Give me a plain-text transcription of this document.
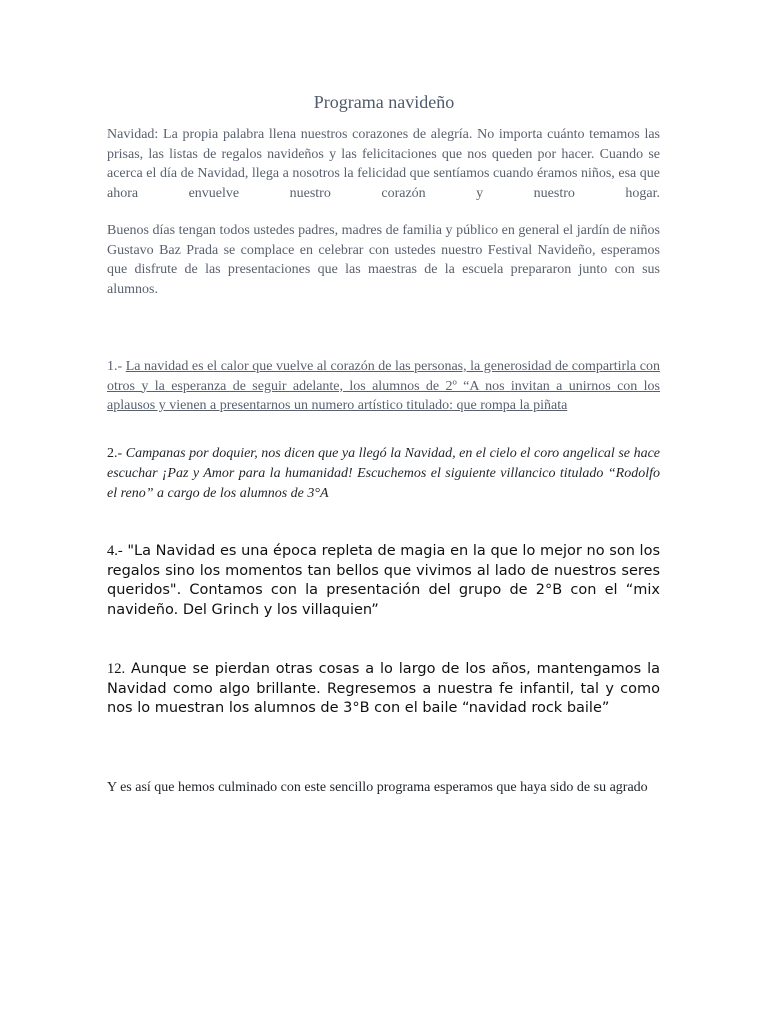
Programa navideño

Navidad: La propia palabra llena nuestros corazones de alegría. No importa cuánto temamos las prisas, las listas de regalos navideños y las felicitaciones que nos queden por hacer. Cuando se acerca el día de Navidad, llega a nosotros la felicidad que sentíamos cuando éramos niños, esa que ahora envuelve nuestro corazón y nuestro hogar.

Buenos días tengan todos ustedes padres, madres de familia y público en general el jardín de niños Gustavo Baz Prada se complace en celebrar con ustedes nuestro Festival Navideño, esperamos que disfrute de las presentaciones que las maestras de la escuela prepararon junto con sus alumnos.

1.- La navidad es el calor que vuelve al corazón de las personas, la generosidad de compartirla con otros y la esperanza de seguir adelante, los alumnos de 2º “A nos invitan a unirnos con los aplausos y vienen a presentarnos un numero artístico titulado: que rompa la piñata

2.- Campanas por doquier, nos dicen que ya llegó la Navidad, en el cielo el coro angelical se hace escuchar ¡Paz y Amor para la humanidad! Escuchemos el siguiente villancico titulado “Rodolfo el reno” a cargo de los alumnos de 3°A

4.- "La Navidad es una época repleta de magia en la que lo mejor no son los regalos sino los momentos tan bellos que vivimos al lado de nuestros seres queridos". Contamos con la presentación del grupo de 2°B con el “mix navideño. Del Grinch y los villaquien”

12. Aunque se pierdan otras cosas a lo largo de los años, mantengamos la Navidad como algo brillante. Regresemos a nuestra fe infantil, tal y como nos lo muestran los alumnos de 3°B con el baile “navidad rock baile”

Y es así que hemos culminado con este sencillo programa esperamos que haya sido de su agrado
